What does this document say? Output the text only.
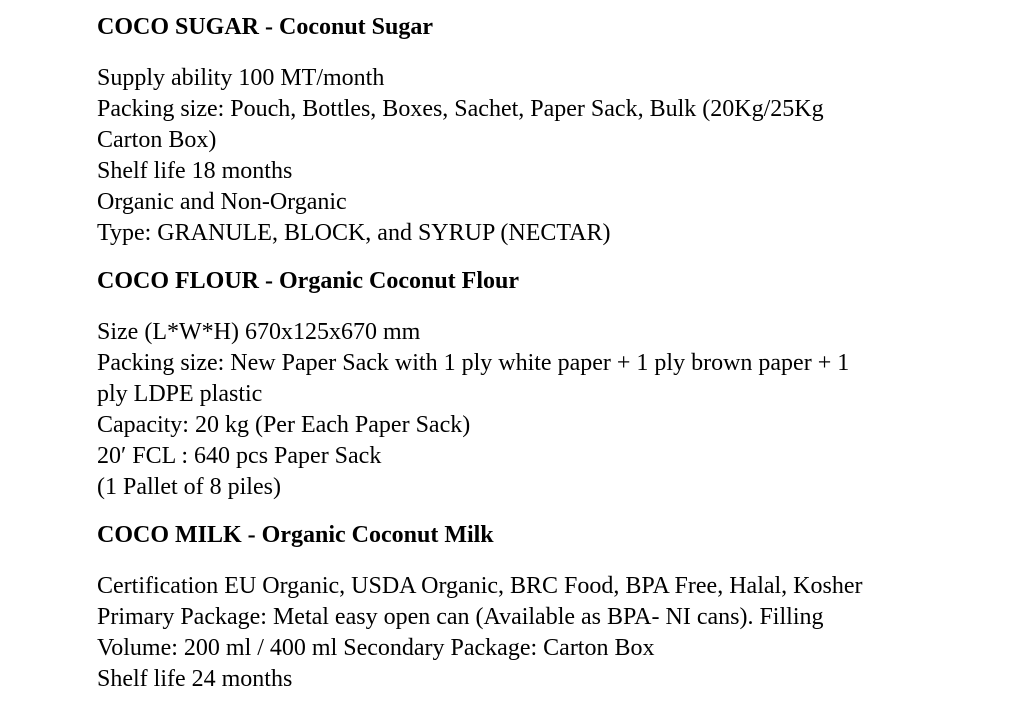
COCO SUGAR - Coconut Sugar

Supply ability 100 MT/month

Packing size: Pouch, Bottles, Boxes, Sachet, Paper Sack, Bulk (20Kg/25Kg

Carton Box)

Shelf life 18 months

Organic and Non-Organic

Type: GRANULE, BLOCK, and SYRUP (NECTAR)

COCO FLOUR - Organic Coconut Flour

Size (L*W*H) 670x125x670 mm

Packing size: New Paper Sack with 1 ply white paper + 1 ply brown paper + 1

ply LDPE plastic

Capacity: 20 kg (Per Each Paper Sack)

20′ FCL : 640 pcs Paper Sack

(1 Pallet of 8 piles)

COCO MILK - Organic Coconut Milk

Certification EU Organic, USDA Organic, BRC Food, BPA Free, Halal, Kosher

Primary Package: Metal easy open can (Available as BPA- NI cans). Filling

Volume: 200 ml / 400 ml Secondary Package: Carton Box

Shelf life 24 months
